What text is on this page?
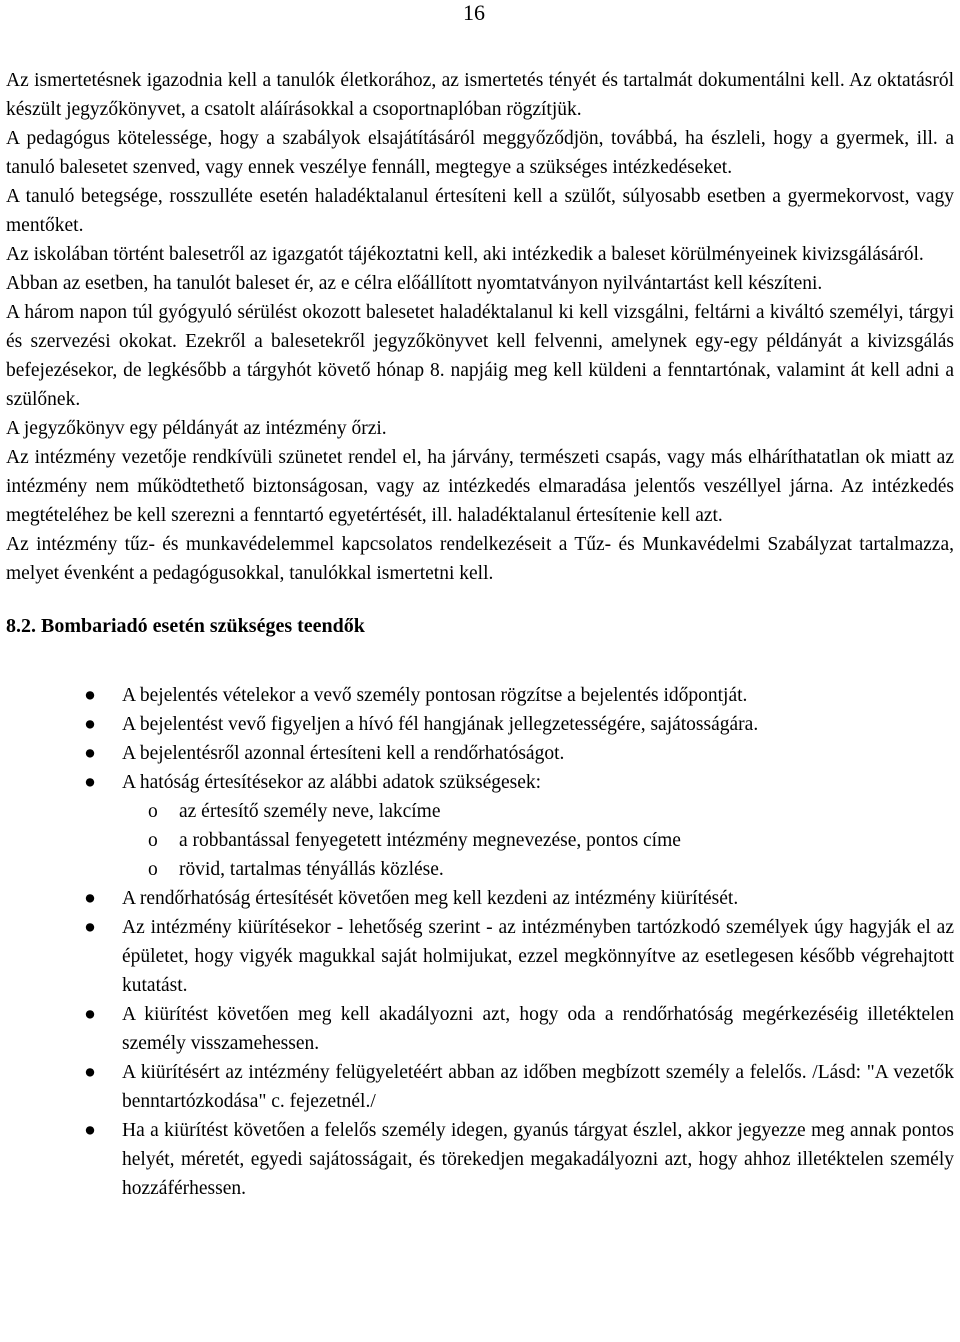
16

Az ismertetésnek igazodnia kell a tanulók életkorához, az ismertetés tényét és tartalmát dokumentálni kell. Az oktatásról készült jegyzőkönyvet, a csatolt aláírásokkal a csoportnaplóban rögzítjük.

A pedagógus kötelessége, hogy a szabályok elsajátításáról meggyőződjön, továbbá, ha észleli, hogy a gyermek, ill. a tanuló balesetet szenved, vagy ennek veszélye fennáll, megtegye a szükséges intézkedéseket.

A tanuló betegsége, rosszulléte esetén haladéktalanul értesíteni kell a szülőt, súlyosabb esetben a gyermekorvost, vagy mentőket.

Az iskolában történt balesetről az igazgatót tájékoztatni kell, aki intézkedik a baleset körülményeinek kivizsgálásáról.

Abban az esetben, ha tanulót baleset ér, az e célra előállított nyomtatványon nyilvántartást kell készíteni.

A három napon túl gyógyuló sérülést okozott balesetet haladéktalanul ki kell vizsgálni, feltárni a kiváltó személyi, tárgyi és szervezési okokat. Ezekről a balesetekről jegyzőkönyvet kell felvenni, amelynek egy-egy példányát a kivizsgálás befejezésekor, de legkésőbb a tárgyhót követő hónap 8. napjáig meg kell küldeni a fenntartónak, valamint át kell adni a szülőnek.

A jegyzőkönyv egy példányát az intézmény őrzi.

Az intézmény vezetője rendkívüli szünetet rendel el, ha járvány, természeti csapás, vagy más elháríthatatlan ok miatt az intézmény nem működtethető biztonságosan, vagy az intézkedés elmaradása jelentős veszéllyel járna. Az intézkedés megtételéhez be kell szerezni a fenntartó egyetértését, ill. haladéktalanul értesítenie kell azt.

Az intézmény tűz- és munkavédelemmel kapcsolatos rendelkezéseit a Tűz- és Munkavédelmi Szabályzat tartalmazza, melyet évenként a pedagógusokkal, tanulókkal ismertetni kell.

8.2. Bombariadó esetén szükséges teendők
● A bejelentés vételekor a vevő személy pontosan rögzítse a bejelentés időpontját.
● A bejelentést vevő figyeljen a hívó fél hangjának jellegzetességére, sajátosságára.
● A bejelentésről azonnal értesíteni kell a rendőrhatóságot.
● A hatóság értesítésekor az alábbi adatok szükségesek:
o az értesítő személy neve, lakcíme
o a robbantással fenyegetett intézmény megnevezése, pontos címe
o rövid, tartalmas tényállás közlése.
● A rendőrhatóság értesítését követően meg kell kezdeni az intézmény kiürítését.
● Az intézmény kiürítésekor - lehetőség szerint - az intézményben tartózkodó személyek úgy hagyják el az épületet, hogy vigyék magukkal saját holmijukat, ezzel megkönnyítve az esetlegesen később végrehajtott kutatást.
● A kiürítést követően meg kell akadályozni azt, hogy oda a rendőrhatóság megérkezéséig illetéktelen személy visszamehessen.
● A kiürítésért az intézmény felügyeletéért abban az időben megbízott személy a felelős. /Lásd: "A vezetők benntartózkodása" c. fejezetnél./
● Ha a kiürítést követően a felelős személy idegen, gyanús tárgyat észlel, akkor jegyezze meg annak pontos helyét, méretét, egyedi sajátosságait, és törekedjen megakadályozni azt, hogy ahhoz illetéktelen személy hozzáférhessen.
